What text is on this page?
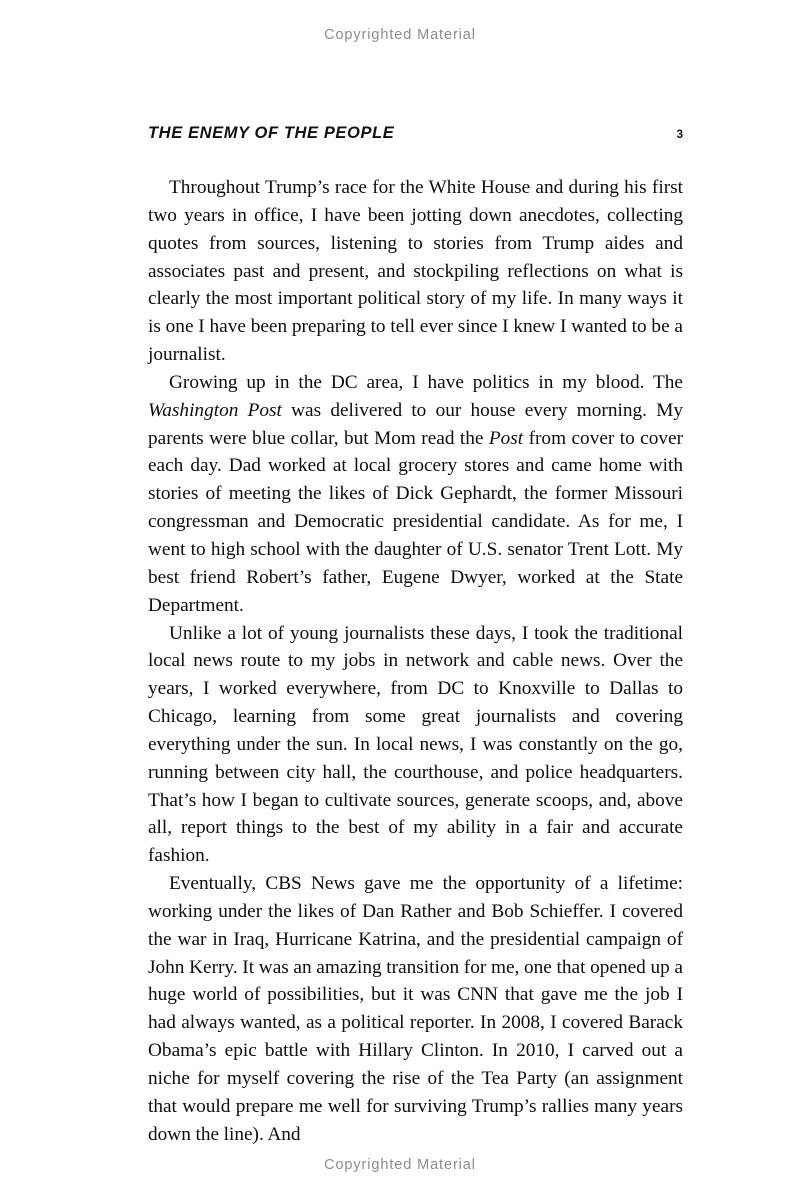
Copyrighted Material
THE ENEMY OF THE PEOPLE	3

Throughout Trump’s race for the White House and during his first two years in office, I have been jotting down anecdotes, collecting quotes from sources, listening to stories from Trump aides and associates past and present, and stockpiling reflections on what is clearly the most important political story of my life. In many ways it is one I have been preparing to tell ever since I knew I wanted to be a journalist.

Growing up in the DC area, I have politics in my blood. The Washington Post was delivered to our house every morning. My parents were blue collar, but Mom read the Post from cover to cover each day. Dad worked at local grocery stores and came home with stories of meeting the likes of Dick Gephardt, the former Missouri congressman and Democratic presidential candidate. As for me, I went to high school with the daughter of U.S. senator Trent Lott. My best friend Robert’s father, Eugene Dwyer, worked at the State Department.

Unlike a lot of young journalists these days, I took the traditional local news route to my jobs in network and cable news. Over the years, I worked everywhere, from DC to Knoxville to Dallas to Chicago, learning from some great journalists and covering everything under the sun. In local news, I was constantly on the go, running between city hall, the courthouse, and police headquarters. That’s how I began to cultivate sources, generate scoops, and, above all, report things to the best of my ability in a fair and accurate fashion.

Eventually, CBS News gave me the opportunity of a lifetime: working under the likes of Dan Rather and Bob Schieffer. I covered the war in Iraq, Hurricane Katrina, and the presidential campaign of John Kerry. It was an amazing transition for me, one that opened up a huge world of possibilities, but it was CNN that gave me the job I had always wanted, as a political reporter. In 2008, I covered Barack Obama’s epic battle with Hillary Clinton. In 2010, I carved out a niche for myself covering the rise of the Tea Party (an assignment that would prepare me well for surviving Trump’s rallies many years down the line). And

Copyrighted Material
